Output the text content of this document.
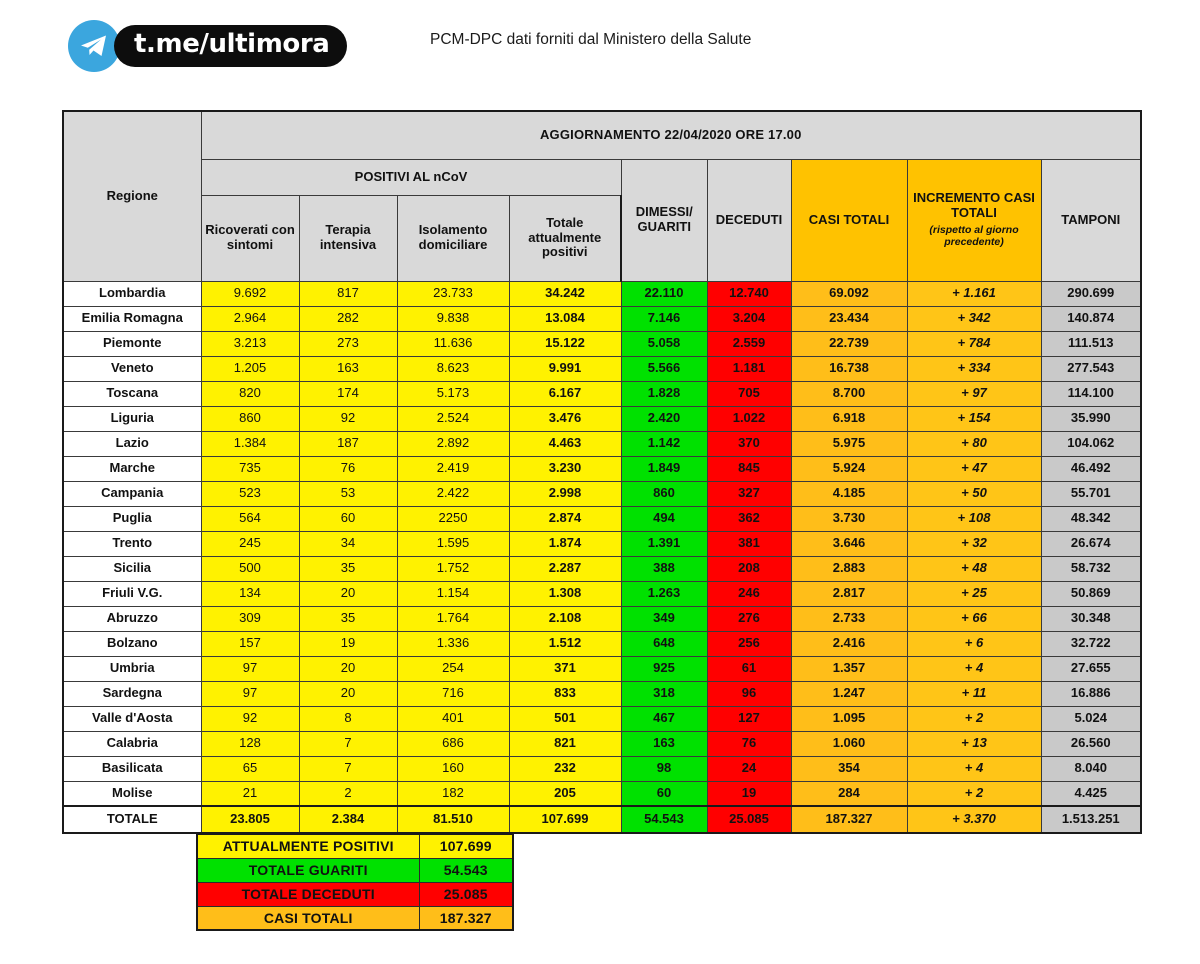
t.me/ultimora	PCM-DPC dati forniti dal Ministero della Salute
Regione	AGGIORNAMENTO 22/04/2020 ORE 17.00								
	POSITIVI AL nCoV				DIMESSI/ GUARITI	DECEDUTI	CASI TOTALI	INCREMENTO CASI TOTALI
(rispetto al giorno precedente)	TAMPONI
	Ricoverati con sintomi	Terapia intensiva	Isolamento domiciliare	Totale attualmente positivi					
Lombardia	9.692	817	23.733	34.242	22.110	12.740	69.092	+ 1.161	290.699
Emilia Romagna	2.964	282	9.838	13.084	7.146	3.204	23.434	+ 342	140.874
Piemonte	3.213	273	11.636	15.122	5.058	2.559	22.739	+ 784	111.513
Veneto	1.205	163	8.623	9.991	5.566	1.181	16.738	+ 334	277.543
Toscana	820	174	5.173	6.167	1.828	705	8.700	+ 97	114.100
Liguria	860	92	2.524	3.476	2.420	1.022	6.918	+ 154	35.990
Lazio	1.384	187	2.892	4.463	1.142	370	5.975	+ 80	104.062
Marche	735	76	2.419	3.230	1.849	845	5.924	+ 47	46.492
Campania	523	53	2.422	2.998	860	327	4.185	+ 50	55.701
Puglia	564	60	2250	2.874	494	362	3.730	+ 108	48.342
Trento	245	34	1.595	1.874	1.391	381	3.646	+ 32	26.674
Sicilia	500	35	1.752	2.287	388	208	2.883	+ 48	58.732
Friuli V.G.	134	20	1.154	1.308	1.263	246	2.817	+ 25	50.869
Abruzzo	309	35	1.764	2.108	349	276	2.733	+ 66	30.348
Bolzano	157	19	1.336	1.512	648	256	2.416	+ 6	32.722
Umbria	97	20	254	371	925	61	1.357	+ 4	27.655
Sardegna	97	20	716	833	318	96	1.247	+ 11	16.886
Valle d'Aosta	92	8	401	501	467	127	1.095	+ 2	5.024
Calabria	128	7	686	821	163	76	1.060	+ 13	26.560
Basilicata	65	7	160	232	98	24	354	+ 4	8.040
Molise	21	2	182	205	60	19	284	+ 2	4.425
TOTALE	23.805	2.384	81.510	107.699	54.543	25.085	187.327	+ 3.370	1.513.251
ATTUALMENTE POSITIVI	107.699
TOTALE GUARITI	54.543
TOTALE DECEDUTI	25.085
CASI TOTALI	187.327
